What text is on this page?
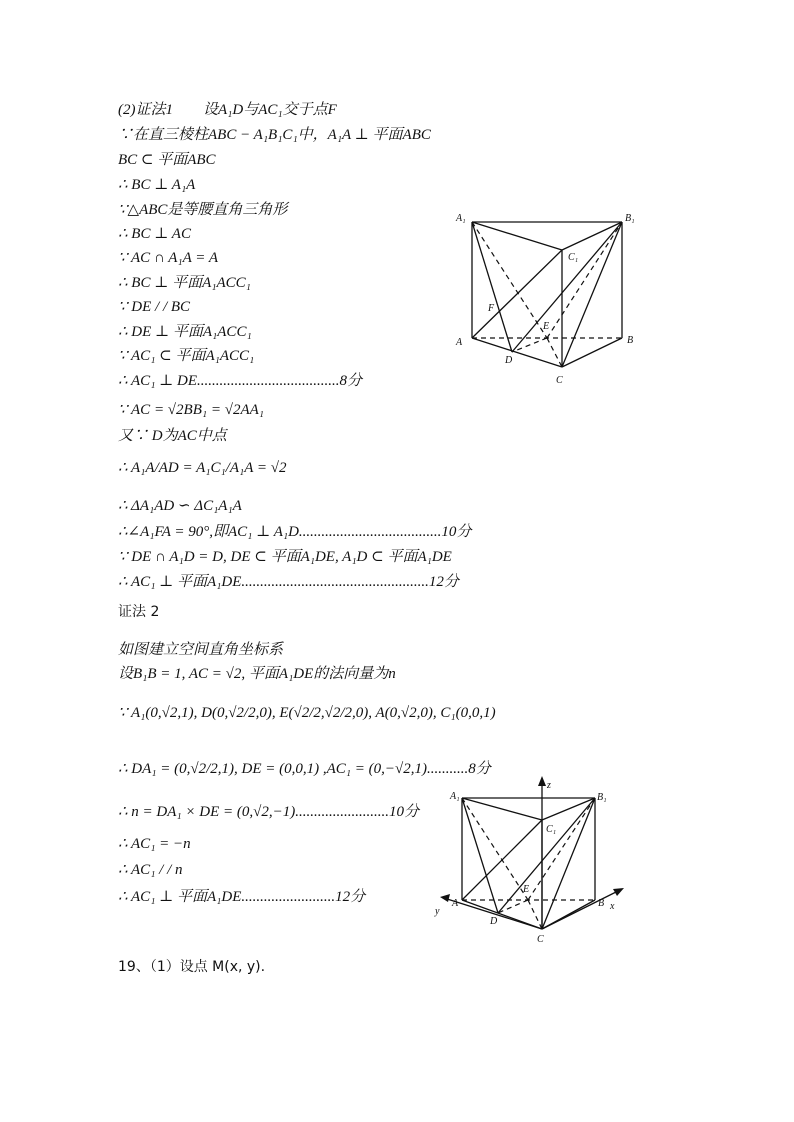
(2)证法1　　设A₁D与AC₁交于点F
∵在直三棱柱ABC − A₁B₁C₁中，A₁A ⊥ 平面ABC
BC ⊂ 平面ABC
∴ BC ⊥ A₁A
∵△ABC是等腰直角三角形
∴ BC ⊥ AC
∵ AC ∩ A₁A = A
∴ BC ⊥ 平面A₁ACC₁
∵ DE / / BC
∴ DE ⊥ 平面A₁ACC₁
∵ AC₁ ⊂ 平面A₁ACC₁
∴ AC₁ ⊥ DE......................................8分
∵ AC = √2BB₁ = √2AA₁
又∵ D为AC中点
∴ A₁A/AD = A₁C₁/A₁A = √2
∴ ΔA₁AD ∽ ΔC₁A₁A
∴∠A₁FA = 90°,即AC₁ ⊥ A₁D......................................10分
∵ DE ∩ A₁D = D, DE ⊂ 平面A₁DE, A₁D ⊂ 平面A₁DE
∴ AC₁ ⊥ 平面A₁DE..................................................12分
证法 2
如图建立空间直角坐标系
设B₁B = 1, AC = √2, 平面A₁DE的法向量为n
∵ A₁(0,√2,1), D(0,√2/2,0), E(√2/2,√2/2,0), A(0,√2,0), C₁(0,0,1)
∴ DA₁ = (0,√2/2,1), DE = (0,0,1) ,AC₁ = (0,−√2,1)...........8分
∴ n = DA₁ × DE = (0,√2,−1).........................10分
∴ AC₁ = −n
∴ AC₁ / / n
∴ AC₁ ⊥ 平面A₁DE.........................12分
19、（1）设点 M(x, y).
A₁	B₁
C₁
A	B
C
D
E
F
A₁	B₁
C₁
A	B
C
D
E
x
y
z
